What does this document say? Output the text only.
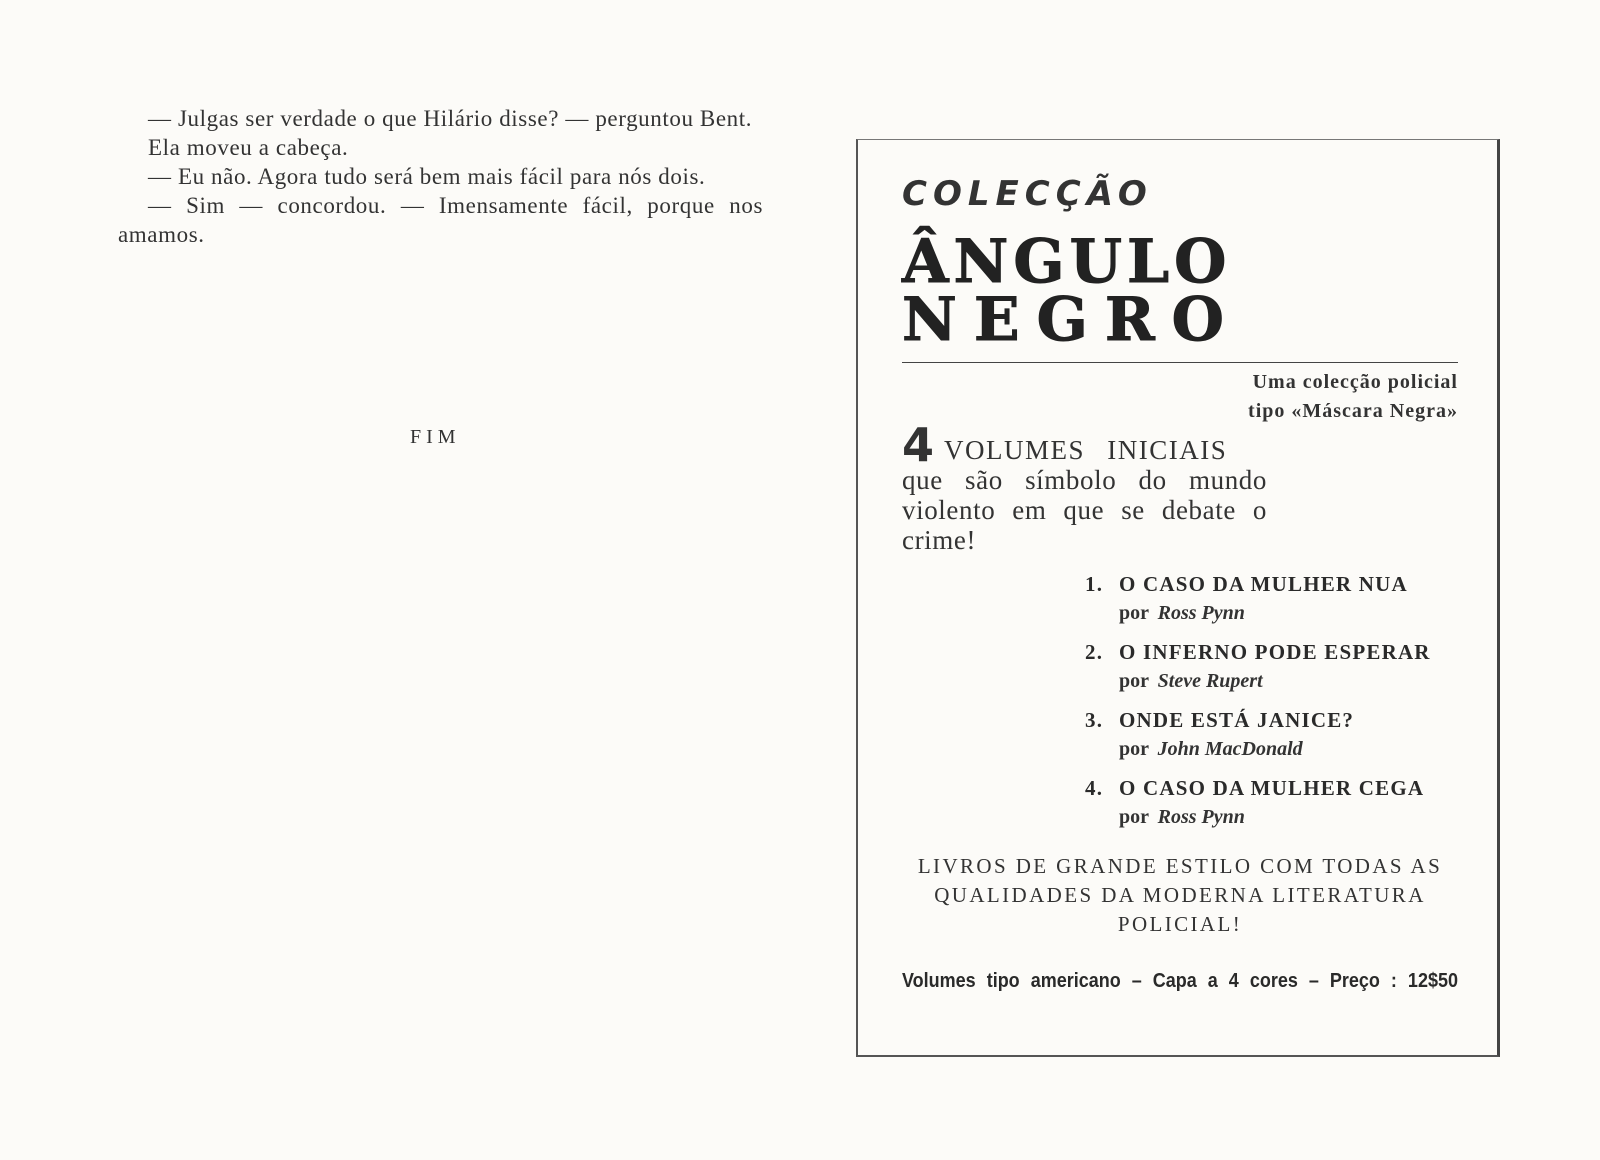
— Julgas ser verdade o que Hilário disse? — perguntou Bent.

Ela moveu a cabeça.

— Eu não. Agora tudo será bem mais fácil para nós dois.

— Sim — concordou. — Imensamente fácil, porque nos amamos.

FIM
COLECÇÃO
ÂNGULO
NEGRO
Uma colecção policial
tipo «Máscara Negra»
4 VOLUMES INICIAIS
que são símbolo do mundo violento em que se debate o crime!
1. O CASO DA MULHER NUA
por Ross Pynn
2. O INFERNO PODE ESPERAR
por Steve Rupert
3. ONDE ESTÁ JANICE?
por John MacDonald
4. O CASO DA MULHER CEGA
por Ross Pynn
LIVROS DE GRANDE ESTILO COM TODAS AS QUALIDADES DA MODERNA LITERATURA POLICIAL!
Volumes tipo americano – Capa a 4 cores – Preço : 12$50
